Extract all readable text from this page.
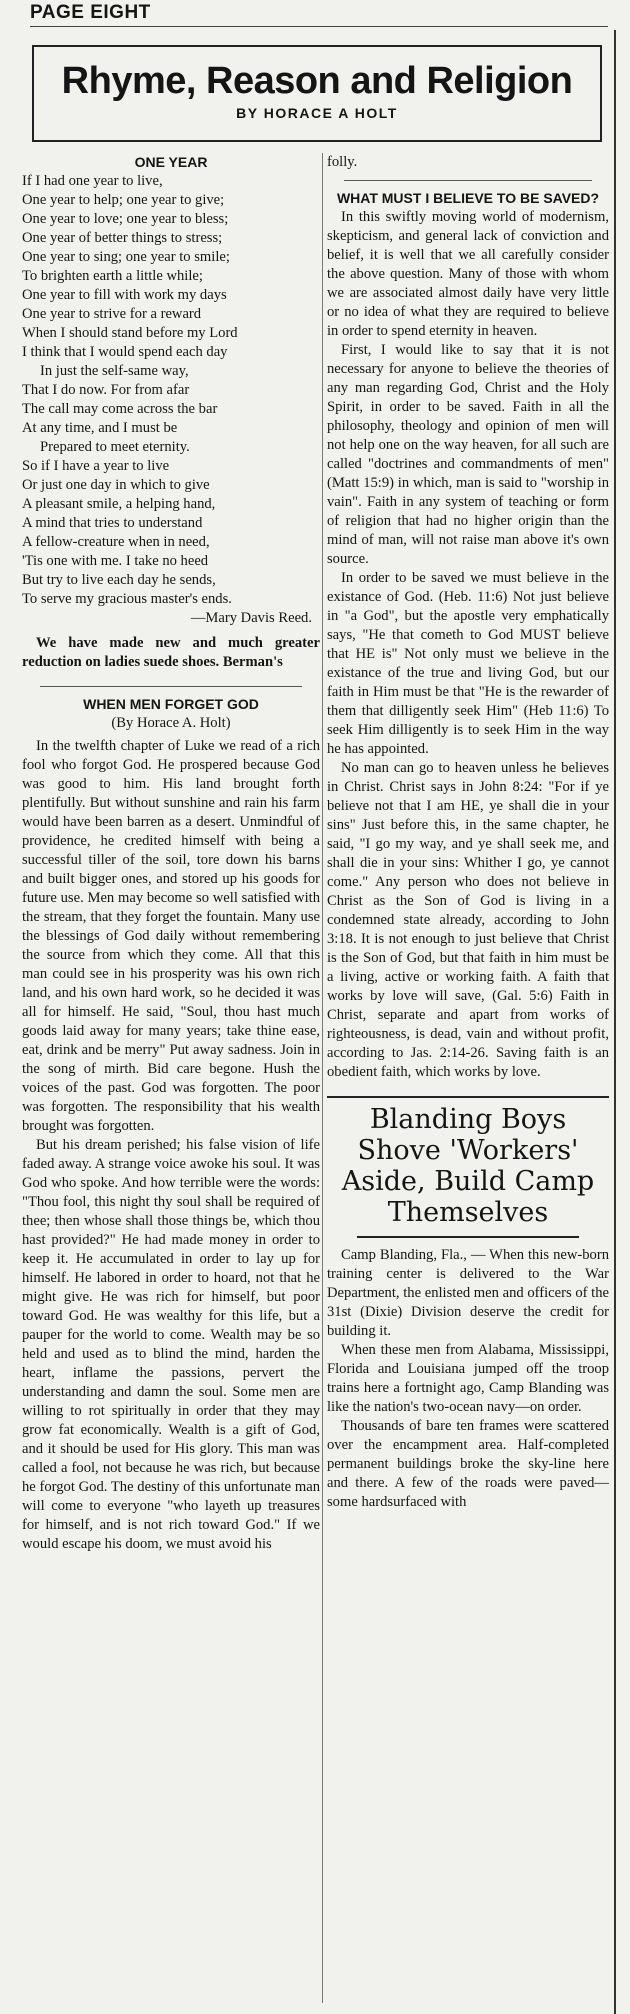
PAGE EIGHT
Rhyme, Reason and Religion
BY HORACE A HOLT
ONE YEAR

If I had one year to live,

One year to help; one year to give;

One year to love; one year to bless;

One year of better things to stress;

One year to sing; one year to smile;

To brighten earth a little while;

One year to fill with work my days

One year to strive for a reward

When I should stand before my Lord

I think that I would spend each day

In just the self-same way,

That I do now. For from afar

The call may come across the bar

At any time, and I must be

Prepared to meet eternity.

So if I have a year to live

Or just one day in which to give

A pleasant smile, a helping hand,

A mind that tries to understand

A fellow-creature when in need,

'Tis one with me. I take no heed

But try to live each day he sends,

To serve my gracious master's ends.

—Mary Davis Reed.

We have made new and much greater reduction on ladies suede shoes. Berman's

WHEN MEN FORGET GOD
(By Horace A. Holt)

In the twelfth chapter of Luke we read of a rich fool who forgot God. He prospered because God was good to him. His land brought forth plentifully. But without sunshine and rain his farm would have been barren as a desert. Unmindful of providence, he credited himself with being a successful tiller of the soil, tore down his barns and built bigger ones, and stored up his goods for future use. Men may become so well satisfied with the stream, that they forget the fountain. Many use the blessings of God daily without remembering the source from which they come. All that this man could see in his prosperity was his own rich land, and his own hard work, so he decided it was all for himself. He said, "Soul, thou hast much goods laid away for many years; take thine ease, eat, drink and be merry" Put away sadness. Join in the song of mirth. Bid care begone. Hush the voices of the past. God was forgotten. The poor was forgotten. The responsibility that his wealth brought was forgotten.

But his dream perished; his false vision of life faded away. A strange voice awoke his soul. It was God who spoke. And how terrible were the words: "Thou fool, this night thy soul shall be required of thee; then whose shall those things be, which thou hast provided?" He had made money in order to keep it. He accumulated in order to lay up for himself. He labored in order to hoard, not that he might give. He was rich for himself, but poor toward God. He was wealthy for this life, but a pauper for the world to come. Wealth may be so held and used as to blind the mind, harden the heart, inflame the passions, pervert the understanding and damn the soul. Some men are willing to rot spiritually in order that they may grow fat economically. Wealth is a gift of God, and it should be used for His glory. This man was called a fool, not because he was rich, but because he forgot God. The destiny of this unfortunate man will come to everyone "who layeth up treasures for himself, and is not rich toward God." If we would escape his doom, we must avoid his

folly.

WHAT MUST I BELIEVE TO BE SAVED?

In this swiftly moving world of modernism, skepticism, and general lack of conviction and belief, it is well that we all carefully consider the above question. Many of those with whom we are associated almost daily have very little or no idea of what they are required to believe in order to spend eternity in heaven.

First, I would like to say that it is not necessary for anyone to believe the theories of any man regarding God, Christ and the Holy Spirit, in order to be saved. Faith in all the philosophy, theology and opinion of men will not help one on the way heaven, for all such are called "doctrines and commandments of men" (Matt 15:9) in which, man is said to "worship in vain". Faith in any system of teaching or form of religion that had no higher origin than the mind of man, will not raise man above it's own source.

In order to be saved we must believe in the existance of God. (Heb. 11:6) Not just believe in "a God", but the apostle very emphatically says, "He that cometh to God MUST believe that HE is" Not only must we believe in the existance of the true and living God, but our faith in Him must be that "He is the rewarder of them that dilligently seek Him" (Heb 11:6) To seek Him dilligently is to seek Him in the way he has appointed.

No man can go to heaven unless he believes in Christ. Christ says in John 8:24: "For if ye believe not that I am HE, ye shall die in your sins" Just before this, in the same chapter, he said, "I go my way, and ye shall seek me, and shall die in your sins: Whither I go, ye cannot come." Any person who does not believe in Christ as the Son of God is living in a condemned state already, according to John 3:18. It is not enough to just believe that Christ is the Son of God, but that faith in him must be a living, active or working faith. A faith that works by love will save, (Gal. 5:6) Faith in Christ, separate and apart from works of righteousness, is dead, vain and without profit, according to Jas. 2:14-26. Saving faith is an obedient faith, which works by love.

Blanding Boys Shove 'Workers' Aside, Build Camp Themselves

Camp Blanding, Fla., — When this new-born training center is delivered to the War Department, the enlisted men and officers of the 31st (Dixie) Division deserve the credit for building it.

When these men from Alabama, Mississippi, Florida and Louisiana jumped off the troop trains here a fortnight ago, Camp Blanding was like the nation's two-ocean navy—on order.

Thousands of bare ten frames were scattered over the encampment area. Half-completed permanent buildings broke the sky-line here and there. A few of the roads were paved—some hardsurfaced with
